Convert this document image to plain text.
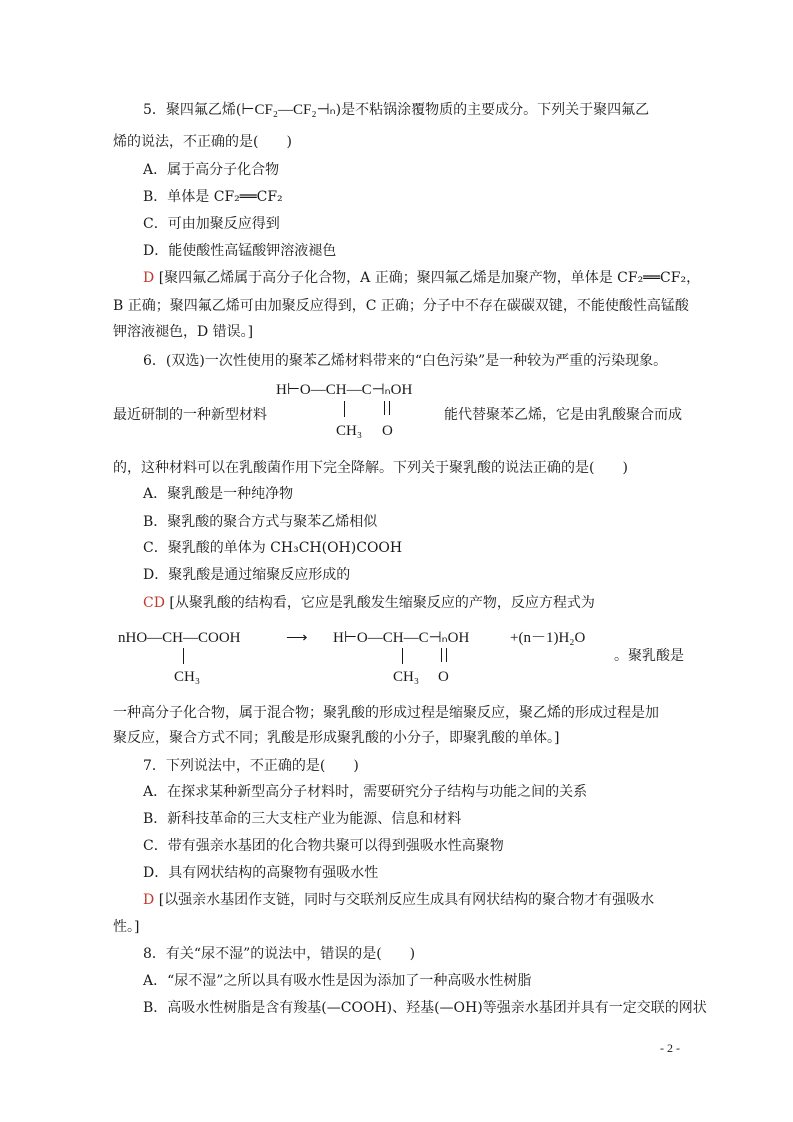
5．聚四氟乙烯(⊢CF₂—CF₂⊣ₙ)是不粘锅涂覆物质的主要成分。下列关于聚四氟乙
烯的说法，不正确的是(　　)
A．属于高分子化合物
B．单体是 CF₂══CF₂
C．可由加聚反应得到
D．能使酸性高锰酸钾溶液褪色
D [聚四氟乙烯属于高分子化合物，A 正确；聚四氟乙烯是加聚产物，单体是 CF₂══CF₂，
B 正确；聚四氟乙烯可由加聚反应得到，C 正确；分子中不存在碳碳双键，不能使酸性高锰酸
钾溶液褪色，D 错误。]
6．(双选)一次性使用的聚苯乙烯材料带来的“白色污染”是一种较为严重的污染现象。
H⊢O—CH—C⊣ₙOH
CH₃ O
最近研制的一种新型材料	能代替聚苯乙烯，它是由乳酸聚合而成
的，这种材料可以在乳酸菌作用下完全降解。下列关于聚乳酸的说法正确的是(　　)
A．聚乳酸是一种纯净物
B．聚乳酸的聚合方式与聚苯乙烯相似
C．聚乳酸的单体为 CH₃CH(OH)COOH
D．聚乳酸是通过缩聚反应形成的
CD [从聚乳酸的结构看，它应是乳酸发生缩聚反应的产物，反应方程式为
nHO—CH—COOH
CH₃
⟶ H⊢O—CH—C⊣ₙOH
CH₃ O
+(n－1)H₂O
。聚乳酸是
一种高分子化合物，属于混合物；聚乳酸的形成过程是缩聚反应，聚乙烯的形成过程是加
聚反应，聚合方式不同；乳酸是形成聚乳酸的小分子，即聚乳酸的单体。]
7．下列说法中，不正确的是(　　)
A．在探求某种新型高分子材料时，需要研究分子结构与功能之间的关系
B．新科技革命的三大支柱产业为能源、信息和材料
C．带有强亲水基团的化合物共聚可以得到强吸水性高聚物
D．具有网状结构的高聚物有强吸水性
D [以强亲水基团作支链，同时与交联剂反应生成具有网状结构的聚合物才有强吸水
性。]
8．有关“尿不湿”的说法中，错误的是(　　)
A．“尿不湿”之所以具有吸水性是因为添加了一种高吸水性树脂
B．高吸水性树脂是含有羧基(—COOH)、羟基(—OH)等强亲水基团并具有一定交联的网状
- 2 -
